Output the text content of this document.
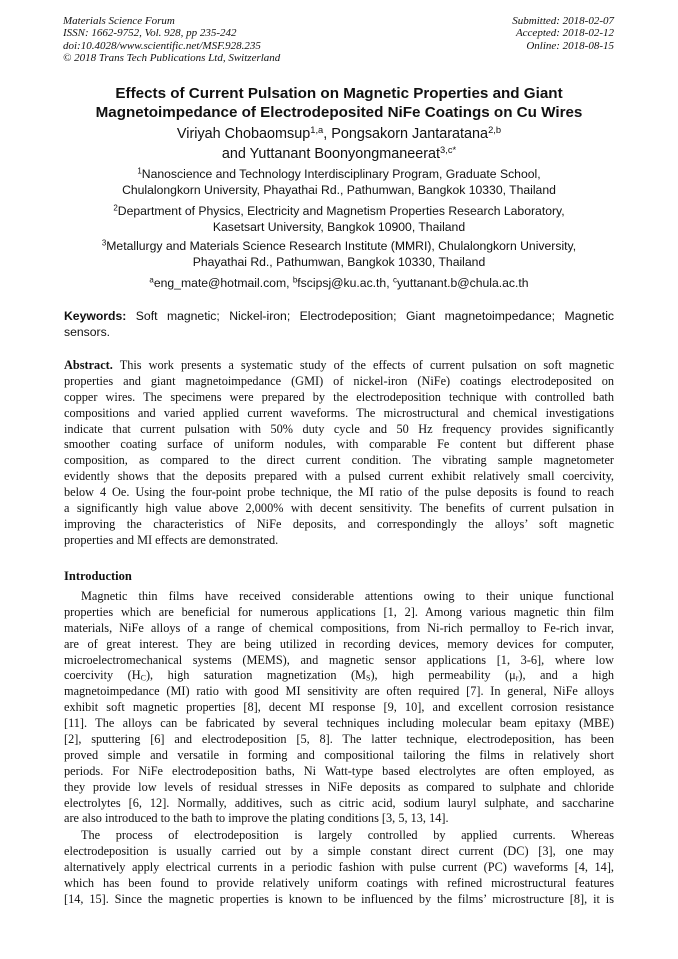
Materials Science Forum
ISSN: 1662-9752, Vol. 928, pp 235-242
doi:10.4028/www.scientific.net/MSF.928.235
© 2018 Trans Tech Publications Ltd, Switzerland
Submitted: 2018-02-07
Accepted: 2018-02-12
Online: 2018-08-15
Effects of Current Pulsation on Magnetic Properties and Giant
Magnetoimpedance of Electrodeposited NiFe Coatings on Cu Wires
Viriyah Chobaomsup$^{1,a}$, Pongsakorn Jantaratana$^{2,b}$
and Yuttanant Boonyongmaneerat$^{3,c*}$
$^1$Nanoscience and Technology Interdisciplinary Program, Graduate School,
Chulalongkorn University, Phayathai Rd., Pathumwan, Bangkok 10330, Thailand
$^2$Department of Physics, Electricity and Magnetism Properties Research Laboratory,
Kasetsart University, Bangkok 10900, Thailand
$^3$Metallurgy and Materials Science Research Institute (MMRI), Chulalongkorn University,
Phayathai Rd., Pathumwan, Bangkok 10330, Thailand
$^a$eng_mate@hotmail.com, $^b$fscipsj@ku.ac.th, $^c$yuttanant.b@chula.ac.th
Keywords: Soft magnetic; Nickel-iron; Electrodeposition; Giant magnetoimpedance; Magnetic
sensors.
Abstract. This work presents a systematic study of the effects of current pulsation on soft magnetic
properties and giant magnetoimpedance (GMI) of nickel-iron (NiFe) coatings electrodeposited on
copper wires. The specimens were prepared by the electrodeposition technique with controlled bath
compositions and varied applied current waveforms. The microstructural and chemical investigations
indicate that current pulsation with 50% duty cycle and 50 Hz frequency provides significantly
smoother coating surface of uniform nodules, with comparable Fe content but different phase
composition, as compared to the direct current condition. The vibrating sample magnetometer
evidently shows that the deposits prepared with a pulsed current exhibit relatively small coercivity,
below 4 Oe. Using the four-point probe technique, the MI ratio of the pulse deposits is found to reach
a significantly high value above 2,000% with decent sensitivity. The benefits of current pulsation in
improving the characteristics of NiFe deposits, and correspondingly the alloys’ soft magnetic
properties and MI effects are demonstrated.
Introduction
Magnetic thin films have received considerable attentions owing to their unique functional
properties which are beneficial for numerous applications [1, 2]. Among various magnetic thin film
materials, NiFe alloys of a range of chemical compositions, from Ni-rich permalloy to Fe-rich invar,
are of great interest. They are being utilized in recording devices, memory devices for computer,
microelectromechanical systems (MEMS), and magnetic sensor applications [1, 3-6], where low
coercivity $(H_C)$, high saturation magnetization $(M_S)$, high permeability $(\mu_r)$, and a high
magnetoimpedance (MI) ratio with good MI sensitivity are often required [7]. In general, NiFe alloys
exhibit soft magnetic properties [8], decent MI response [9, 10], and excellent corrosion resistance
[11]. The alloys can be fabricated by several techniques including molecular beam epitaxy (MBE)
[2], sputtering [6] and electrodeposition [5, 8]. The latter technique, electrodeposition, has been
proved simple and versatile in forming and compositional tailoring the films in relatively short
periods. For NiFe electrodeposition baths, Ni Watt-type based electrolytes are often employed, as
they provide low levels of residual stresses in NiFe deposits as compared to sulphate and chloride
electrolytes [6, 12]. Normally, additives, such as citric acid, sodium lauryl sulphate, and saccharine
are also introduced to the bath to improve the plating conditions [3, 5, 13, 14].
The process of electrodeposition is largely controlled by applied currents. Whereas
electrodeposition is usually carried out by a simple constant direct current (DC) [3], one may
alternatively apply electrical currents in a periodic fashion with pulse current (PC) waveforms [4, 14],
which has been found to provide relatively uniform coatings with refined microstructural features
[14, 15]. Since the magnetic properties is known to be influenced by the films’ microstructure [8], it is
